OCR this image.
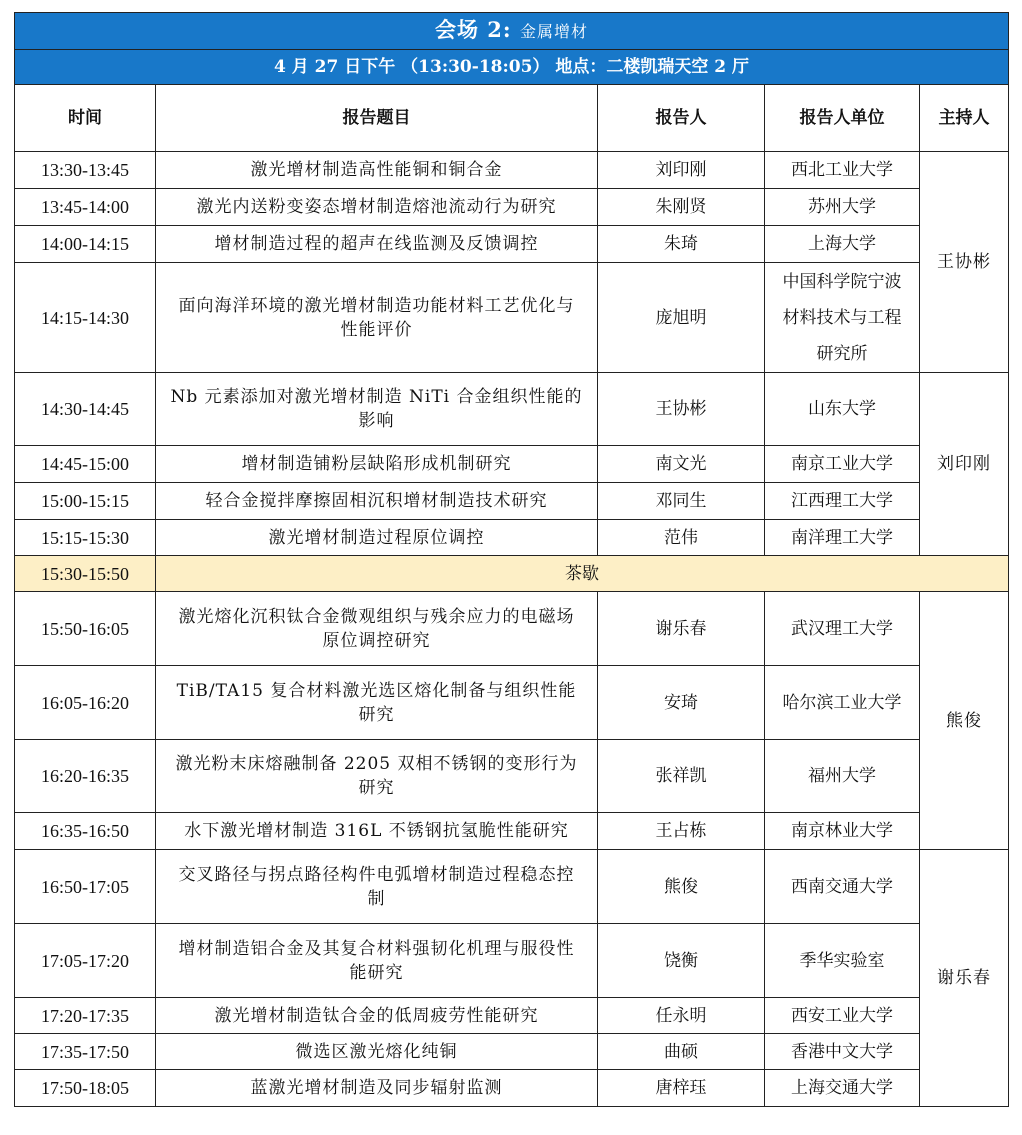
会场 2: 金属增材				
4 月 27 日下午 （13:30-18:05） 地点：二楼凯瑞天空 2 厅				
时间	报告题目	报告人	报告人单位	主持人
13:30-13:45	激光增材制造高性能铜和铜合金	刘印刚	西北工业大学	王协彬
13:45-14:00	激光内送粉变姿态增材制造熔池流动行为研究	朱刚贤	苏州大学	
14:00-14:15	增材制造过程的超声在线监测及反馈调控	朱琦	上海大学	
14:15-14:30	面向海洋环境的激光增材制造功能材料工艺优化与性能评价	庞旭明	中国科学院宁波材料技术与工程研究所	
14:30-14:45	Nb 元素添加对激光增材制造 NiTi 合金组织性能的影响	王协彬	山东大学	刘印刚
14:45-15:00	增材制造铺粉层缺陷形成机制研究	南文光	南京工业大学	
15:00-15:15	轻合金搅拌摩擦固相沉积增材制造技术研究	邓同生	江西理工大学	
15:15-15:30	激光增材制造过程原位调控	范伟	南洋理工大学	
15:30-15:50	茶歇			
15:50-16:05	激光熔化沉积钛合金微观组织与残余应力的电磁场原位调控研究	谢乐春	武汉理工大学	熊俊
16:05-16:20	TiB/TA15 复合材料激光选区熔化制备与组织性能研究	安琦	哈尔滨工业大学	
16:20-16:35	激光粉末床熔融制备 2205 双相不锈钢的变形行为研究	张祥凯	福州大学	
16:35-16:50	水下激光增材制造 316L 不锈钢抗氢脆性能研究	王占栋	南京林业大学	
16:50-17:05	交叉路径与拐点路径构件电弧增材制造过程稳态控制	熊俊	西南交通大学	谢乐春
17:05-17:20	增材制造铝合金及其复合材料强韧化机理与服役性能研究	饶衡	季华实验室	
17:20-17:35	激光增材制造钛合金的低周疲劳性能研究	任永明	西安工业大学	
17:35-17:50	微选区激光熔化纯铜	曲硕	香港中文大学	
17:50-18:05	蓝激光增材制造及同步辐射监测	唐梓珏	上海交通大学	
